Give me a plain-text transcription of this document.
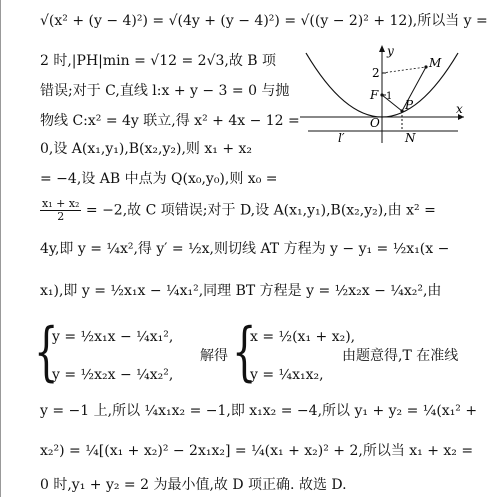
√(x² + (y − 4)²) = √(4y + (y − 4)²) = √((y − 2)² + 12),所以当 y =
2 时,|PH|min = √12 = 2√3,故 B 项
错误;对于 C,直线 l:x + y − 3 = 0 与抛
物线 C:x² = 4y 联立,得 x² + 4x − 12 =
0,设 A(x₁,y₁),B(x₂,y₂),则 x₁ + x₂
= −4,设 AB 中点为 Q(x₀,y₀),则 x₀ =
$\frac{\text{x₁ + x₂}}{2} = -2$,故 C 项错误;对于 D,设 A(x₁,y₁),B(x₂,y₂),由 x² =
4y,即 y = ¼x²,得 y′ = ½x,则切线 AT 方程为 y − y₁ = ½x₁(x −
x₁),即 y = ½x₁x − ¼x₁²,同理 BT 方程是 y = ½x₂x − ¼x₂²,由
{
y = ½x₁x − ¼x₁²,
y = ½x₂x − ¼x₂²,
解得 {
x = ½(x₁ + x₂),
y = ¼x₁x₂,
由题意得,T 在准线
y = −1 上,所以 ¼x₁x₂ = −1,即 x₁x₂ = −4,所以 y₁ + y₂ = ¼(x₁² +
x₂²) = ¼[(x₁ + x₂)² − 2x₁x₂] = ¼(x₁ + x₂)² + 2,所以当 x₁ + x₂ =
0 时,y₁ + y₂ = 2 为最小值,故 D 项正确. 故选 D.
y
x
2
1
F
M
P
O
N
l′
